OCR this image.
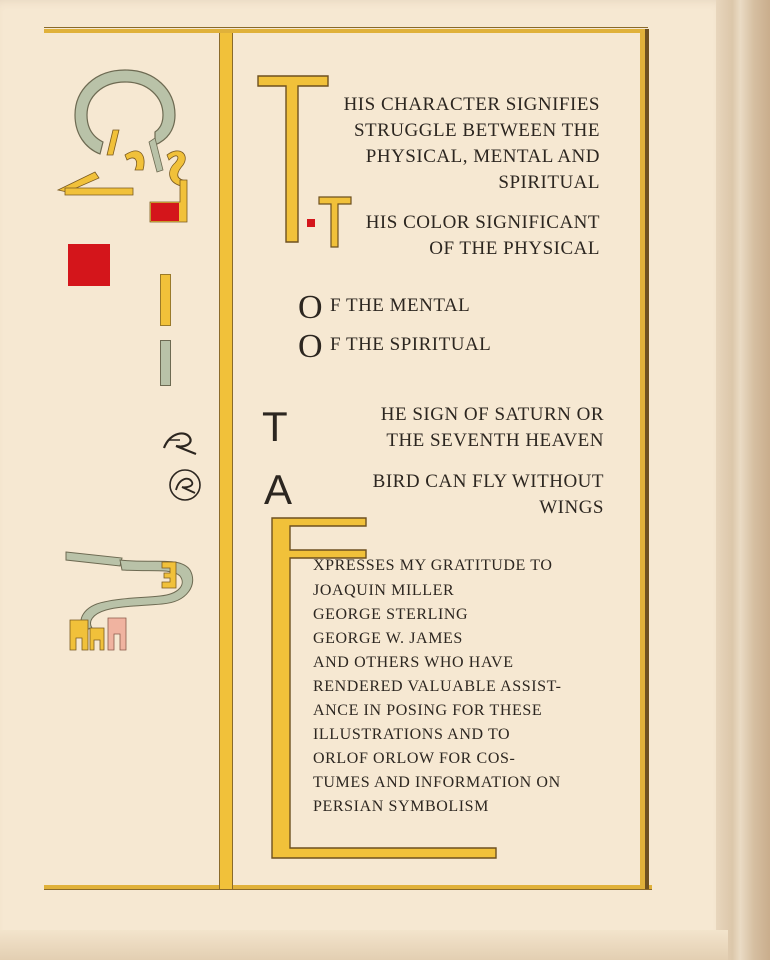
HIS CHARACTER SIGNIFIES
STRUGGLE BETWEEN THE
PHYSICAL, MENTAL AND
SPIRITUAL
HIS COLOR SIGNIFICANT
OF THE PHYSICAL
O F THE MENTAL
O F THE SPIRITUAL
T	HE SIGN OF SATURN OR
THE SEVENTH HEAVEN
A	BIRD CAN FLY WITHOUT
WINGS
XPRESSES MY GRATITUDE TO
JOAQUIN MILLER
GEORGE STERLING
GEORGE W. JAMES
AND OTHERS WHO HAVE
RENDERED VALUABLE ASSIST-
ANCE IN POSING FOR THESE
ILLUSTRATIONS AND TO
ORLOF ORLOW FOR COS-
TUMES AND INFORMATION ON
PERSIAN SYMBOLISM
